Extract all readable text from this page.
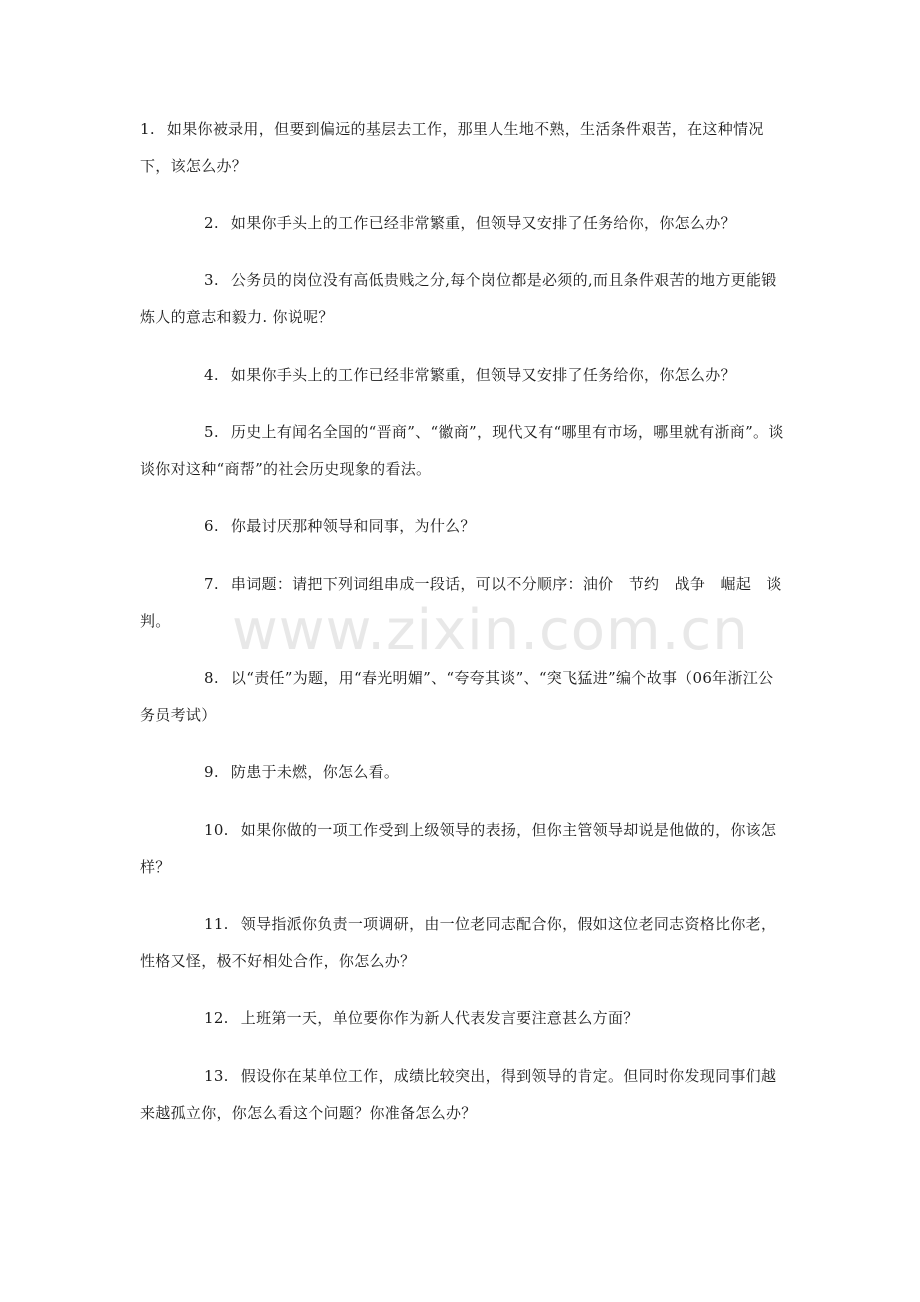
1. 如果你被录用，但要到偏远的基层去工作，那里人生地不熟，生活条件艰苦，在这种情况下，该怎么办？

2. 如果你手头上的工作已经非常繁重，但领导又安排了任务给你，你怎么办？

3. 公务员的岗位没有高低贵贱之分,每个岗位都是必须的,而且条件艰苦的地方更能锻炼人的意志和毅力. 你说呢？

4. 如果你手头上的工作已经非常繁重，但领导又安排了任务给你，你怎么办？

5. 历史上有闻名全国的“晋商”、“徽商”，现代又有“哪里有市场，哪里就有浙商”。谈谈你对这种“商帮”的社会历史现象的看法。

6. 你最讨厌那种领导和同事，为什么？

7. 串词题：请把下列词组串成一段话，可以不分顺序：油价　节约　战争　崛起　谈判。

8. 以“责任”为题，用“春光明媚”、“夸夸其谈”、“突飞猛进”编个故事（06年浙江公务员考试）

9. 防患于未燃，你怎么看。

10. 如果你做的一项工作受到上级领导的表扬，但你主管领导却说是他做的，你该怎样？

11. 领导指派你负责一项调研，由一位老同志配合你，假如这位老同志资格比你老，性格又怪，极不好相处合作，你怎么办？

12. 上班第一天，单位要你作为新人代表发言要注意甚么方面？

13. 假设你在某单位工作，成绩比较突出，得到领导的肯定。但同时你发现同事们越来越孤立你，你怎么看这个问题？你准备怎么办？

www.zixin.com.cn
